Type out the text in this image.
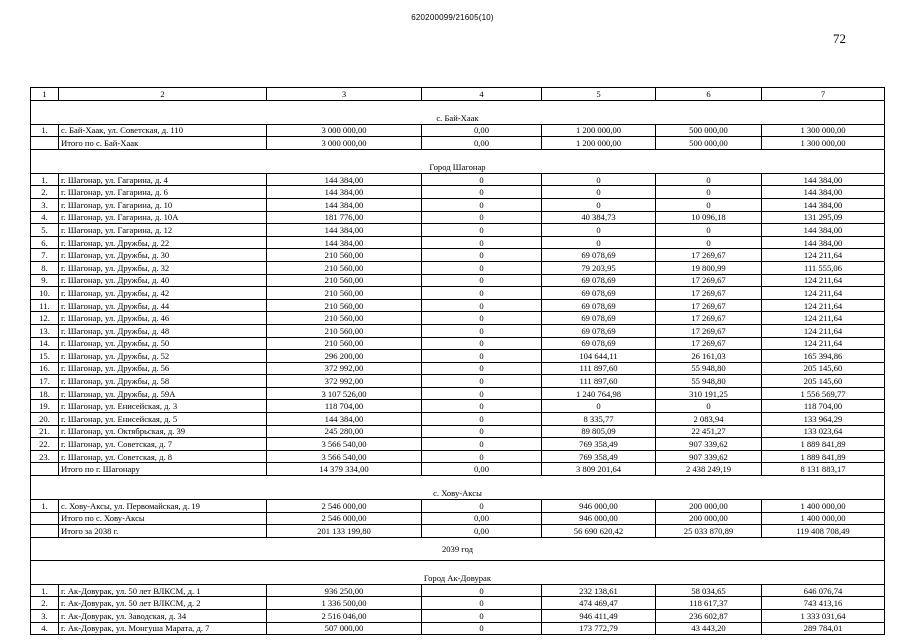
620200099/21605(10)
72
1	2	3	4	5	6	7
с. Бай-Хаак						
1.	с. Бай-Хаак, ул. Советская, д. 110	3 000 000,00	0,00	1 200 000,00	500 000,00	1 300 000,00
	Итого по с. Бай-Хаак	3 000 000,00	0,00	1 200 000,00	500 000,00	1 300 000,00
Город Шагонар						
1.	г. Шагонар, ул. Гагарина, д. 4	144 384,00	0	0	0	144 384,00
2.	г. Шагонар, ул. Гагарина, д. 6	144 384,00	0	0	0	144 384,00
3.	г. Шагонар, ул. Гагарина, д. 10	144 384,00	0	0	0	144 384,00
4.	г. Шагонар, ул. Гагарина, д. 10А	181 776,00	0	40 384,73	10 096,18	131 295,09
5.	г. Шагонар, ул. Гагарина, д. 12	144 384,00	0	0	0	144 384,00
6.	г. Шагонар, ул. Дружбы, д. 22	144 384,00	0	0	0	144 384,00
7.	г. Шагонар, ул. Дружбы, д. 30	210 560,00	0	69 078,69	17 269,67	124 211,64
8.	г. Шагонар, ул. Дружбы, д. 32	210 560,00	0	79 203,95	19 800,99	111 555,06
9.	г. Шагонар, ул. Дружбы, д. 40	210 560,00	0	69 078,69	17 269,67	124 211,64
10.	г. Шагонар, ул. Дружбы, д. 42	210 560,00	0	69 078,69	17 269,67	124 211,64
11.	г. Шагонар, ул. Дружбы, д. 44	210 560,00	0	69 078,69	17 269,67	124 211,64
12.	г. Шагонар, ул. Дружбы, д. 46	210 560,00	0	69 078,69	17 269,67	124 211,64
13.	г. Шагонар, ул. Дружбы, д. 48	210 560,00	0	69 078,69	17 269,67	124 211,64
14.	г. Шагонар, ул. Дружбы, д. 50	210 560,00	0	69 078,69	17 269,67	124 211,64
15.	г. Шагонар, ул. Дружбы, д. 52	296 200,00	0	104 644,11	26 161,03	165 394,86
16.	г. Шагонар, ул. Дружбы, д. 56	372 992,00	0	111 897,60	55 948,80	205 145,60
17.	г. Шагонар, ул. Дружбы, д. 58	372 992,00	0	111 897,60	55 948,80	205 145,60
18.	г. Шагонар, ул. Дружбы, д. 59А	3 107 526,00	0	1 240 764,98	310 191,25	1 556 569,77
19.	г. Шагонар, ул. Енисейская, д. 3	118 704,00	0	0	0	118 704,00
20.	г. Шагонар, ул. Енисейская, д. 5	144 384,00	0	8 335,77	2 083,94	133 964,29
21.	г. Шагонар, ул. Октябрьская, д. 39	245 280,00	0	89 805,09	22 451,27	133 023,64
22.	г. Шагонар, ул. Советская, д. 7	3 566 540,00	0	769 358,49	907 339,62	1 889 841,89
23.	г. Шагонар, ул. Советская, д. 8	3 566 540,00	0	769 358,49	907 339,62	1 889 841,89
	Итого по г. Шагонару	14 379 334,00	0,00	3 809 201,64	2 438 249,19	8 131 883,17
с. Хову-Аксы						
1.	с. Хову-Аксы, ул. Первомайская, д. 19	2 546 000,00	0	946 000,00	200 000,00	1 400 000,00
	Итого по с. Хову-Аксы	2 546 000,00	0,00	946 000,00	200 000,00	1 400 000,00
	Итого за 2038 г.	201 133 199,80	0,00	56 690 620,42	25 033 870,89	119 408 708,49
2039 год						
Город Ак-Довурак						
1.	г. Ак-Довурак, ул. 50 лет ВЛКСМ, д. 1	936 250,00	0	232 138,61	58 034,65	646 076,74
2.	г. Ак-Довурак, ул. 50 лет ВЛКСМ, д. 2	1 336 500,00	0	474 469,47	118 617,37	743 413,16
3.	г. Ак-Довурак, ул. Заводская, д. 34	2 516 046,00	0	946 411,49	236 602,87	1 333 031,64
4.	г. Ак-Довурак, ул. Монгуша Марата, д. 7	507 000,00	0	173 772,79	43 443,20	289 784,01
